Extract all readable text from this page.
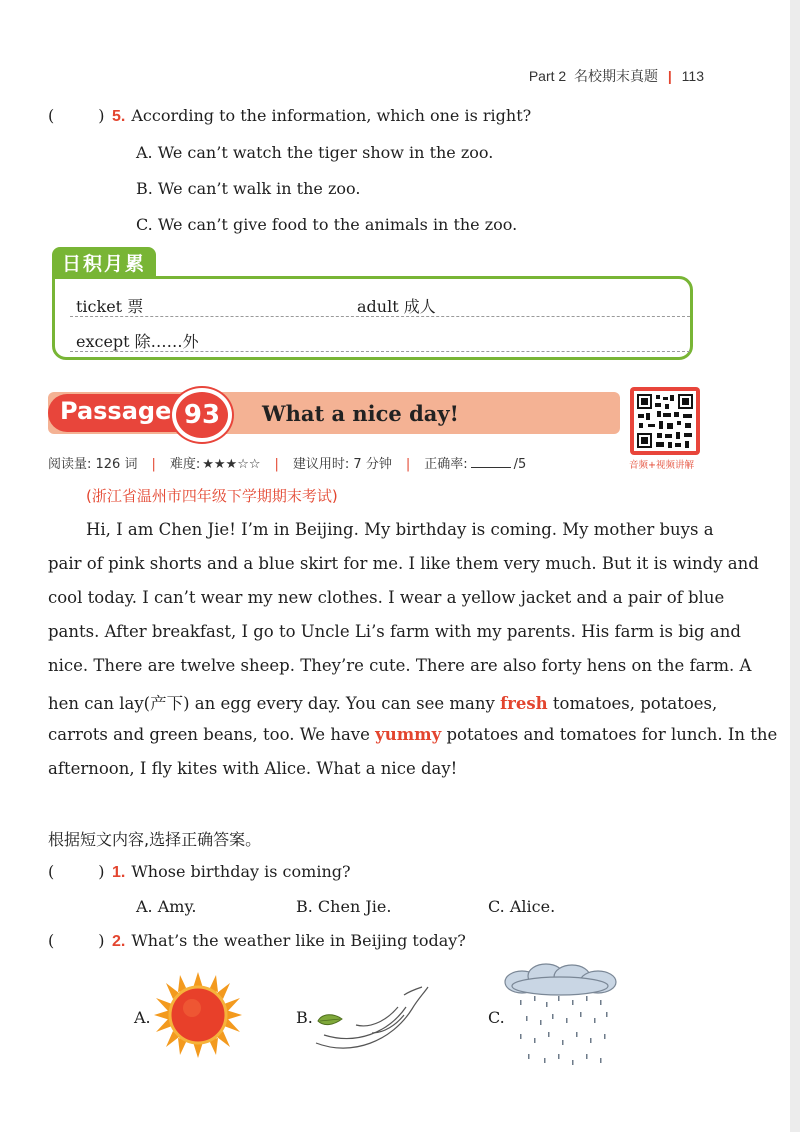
Part 2 名校期末真题 | 113
(	) 5. According to the information, which one is right?
A. We can’t watch the tiger show in the zoo.
B. We can’t walk in the zoo.
C. We can’t give food to the animals in the zoo.
日积月累
ticket 票	adult 成人
except 除……外
Passage 93	What a nice day!
音频+视频讲解
阅读量: 126 词 | 难度: ★★★☆☆ | 建议用时: 7 分钟 | 正确率:	/5
(浙江省温州市四年级下学期期末考试)
Hi, I am Chen Jie! I’m in Beijing. My birthday is coming. My mother buys a
pair of pink shorts and a blue skirt for me. I like them very much. But it is windy and
cool today. I can’t wear my new clothes. I wear a yellow jacket and a pair of blue
pants. After breakfast, I go to Uncle Li’s farm with my parents. His farm is big and
nice. There are twelve sheep. They’re cute. There are also forty hens on the farm. A
hen can lay(产下) an egg every day. You can see many fresh tomatoes, potatoes,
carrots and green beans, too. We have yummy potatoes and tomatoes for lunch. In the
afternoon, I fly kites with Alice. What a nice day!
根据短文内容,选择正确答案。
(	) 1. Whose birthday is coming?
A. Amy.	B. Chen Jie.	C. Alice.
(	) 2. What’s the weather like in Beijing today?
A.	B.	C.
